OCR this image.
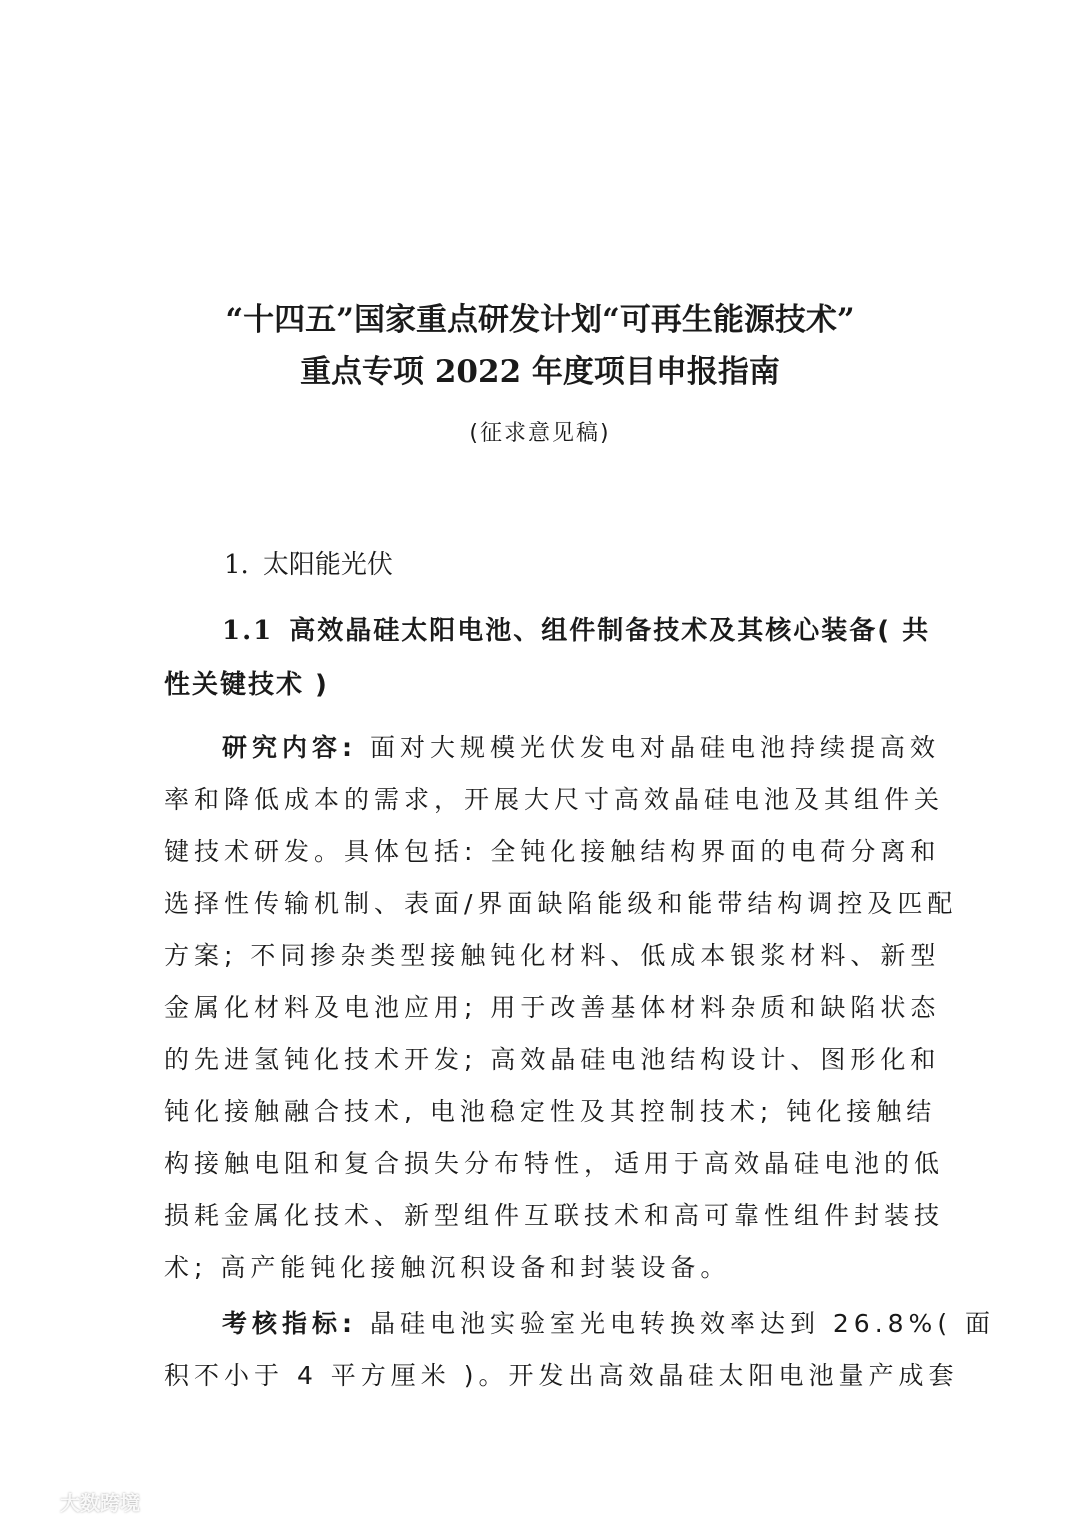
“十四五”国家重点研发计划“可再生能源技术”
重点专项 2022 年度项目申报指南
(征求意见稿)
1. 太阳能光伏
1.1 高效晶硅太阳电池、组件制备技术及其核心装备( 共
性关键技术 )
研究内容: 面对大规模光伏发电对晶硅电池持续提高效
率和降低成本的需求，开展大尺寸高效晶硅电池及其组件关
键技术研发。具体包括: 全钝化接触结构界面的电荷分离和
选择性传输机制、表面/界面缺陷能级和能带结构调控及匹配
方案; 不同掺杂类型接触钝化材料、低成本银浆材料、新型
金属化材料及电池应用; 用于改善基体材料杂质和缺陷状态
的先进氢钝化技术开发; 高效晶硅电池结构设计、图形化和
钝化接触融合技术, 电池稳定性及其控制技术; 钝化接触结
构接触电阻和复合损失分布特性，适用于高效晶硅电池的低
损耗金属化技术、新型组件互联技术和高可靠性组件封装技
术; 高产能钝化接触沉积设备和封装设备。
考核指标: 晶硅电池实验室光电转换效率达到 26.8%( 面
积不小于 4 平方厘米 )。开发出高效晶硅太阳电池量产成套
大数跨境
